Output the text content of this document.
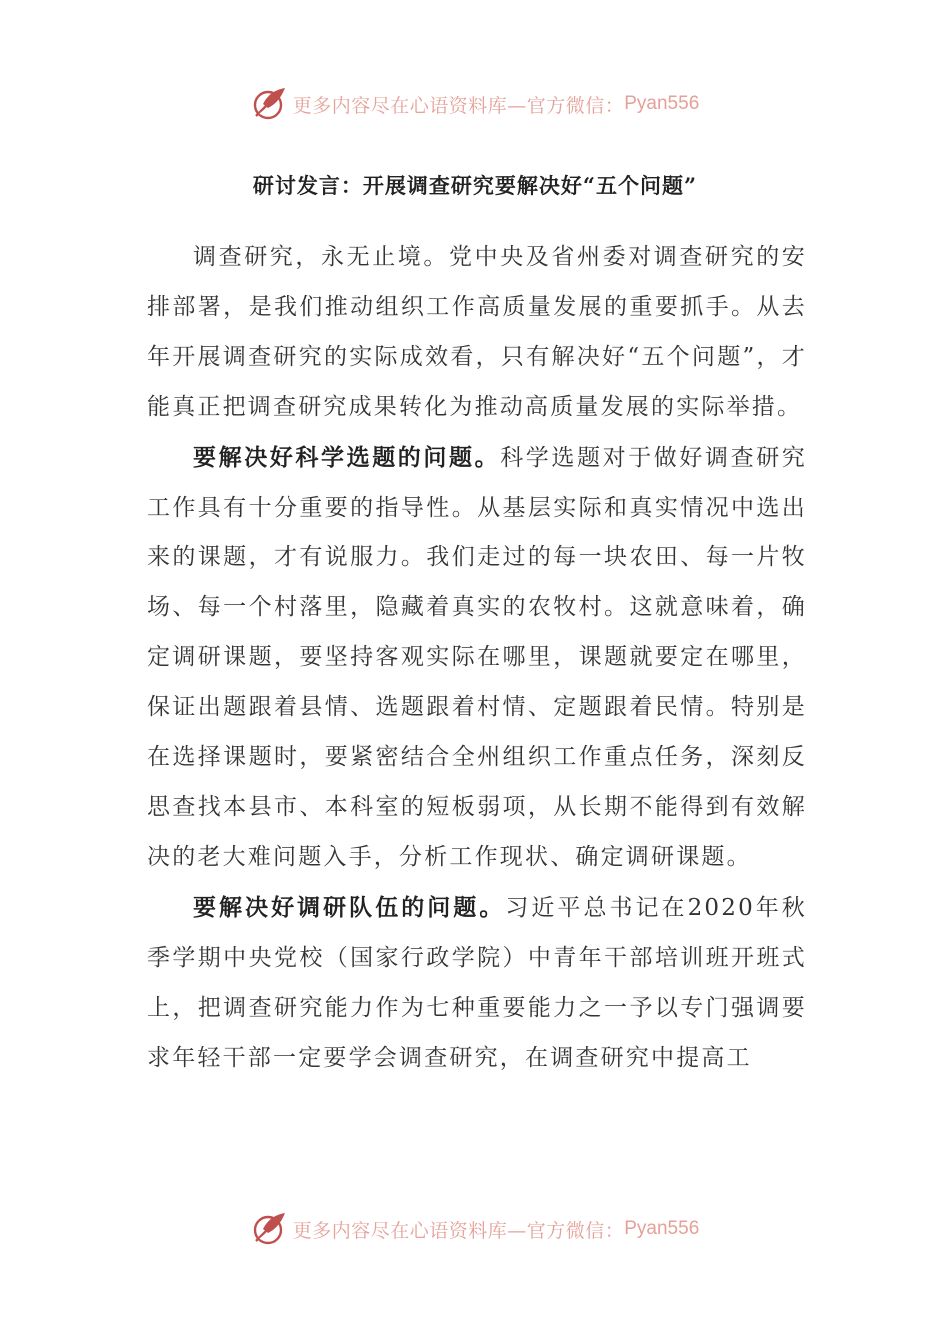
更多内容尽在心语资料库—官方微信： Pyan556
研讨发言：开展调查研究要解决好“五个问题”

调查研究，永无止境。党中央及省州委对调查研究的安排部署，是我们推动组织工作高质量发展的重要抓手。从去年开展调查研究的实际成效看，只有解决好“五个问题”，才能真正把调查研究成果转化为推动高质量发展的实际举措。

要解决好科学选题的问题。科学选题对于做好调查研究工作具有十分重要的指导性。从基层实际和真实情况中选出来的课题，才有说服力。我们走过的每一块农田、每一片牧场、每一个村落里，隐藏着真实的农牧村。这就意味着，确定调研课题，要坚持客观实际在哪里，课题就要定在哪里，保证出题跟着县情、选题跟着村情、定题跟着民情。特别是在选择课题时，要紧密结合全州组织工作重点任务，深刻反思查找本县市、本科室的短板弱项，从长期不能得到有效解决的老大难问题入手，分析工作现状、确定调研课题。

要解决好调研队伍的问题。习近平总书记在2020年秋季学期中央党校（国家行政学院）中青年干部培训班开班式上，把调查研究能力作为七种重要能力之一予以专门强调要求年轻干部一定要学会调查研究，在调查研究中提高工

更多内容尽在心语资料库—官方微信： Pyan556
